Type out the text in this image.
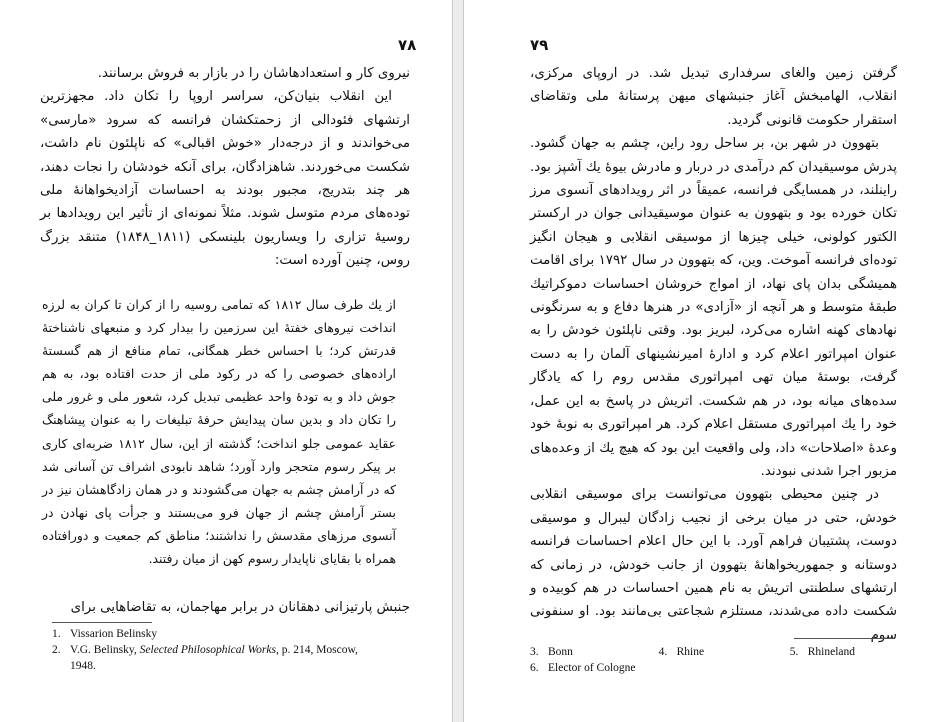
۷۸

نیروی کار و استعدادهاشان را در بازار به فروش برسانند.

این انقلاب بنیان‌کن، سراسر اروپا را تکان داد. مجهزترین ارتشهای فئودالی از زحمتکشان فرانسه که سرود «مارسی» می‌خواندند و از درجه‌دار «خوش اقبالی» که ناپلئون نام داشت، شکست می‌خوردند. شاهزادگان، برای آنکه خودشان را نجات دهند، هر چند بتدریج، مجبور بودند به احساسات آزادیخواهانهٔ ملی توده‌های مردم متوسل شوند. مثلاً نمونه‌ای از تأثیر این رویدادها بر روسیهٔ تزاری را ویساریون بلینسکی (۱۸۱۱_۱۸۴۸) متنقد بزرگ روس، چنین آورده است:

از یك طرف سال ۱۸۱۲ که تمامی روسیه را از کران تا کران به لرزه انداخت نیروهای خفتهٔ این سرزمین را بیدار کرد و منبعهای ناشناختهٔ قدرتش کرد؛ با احساس خطر همگانی، تمام منافع از هم گسستهٔ اراده‌های خصوصی را که در رکود ملی از حدت افتاده بود، به هم جوش داد و به تودهٔ واحد عظیمی تبدیل کرد، شعور ملی و غرور ملی را تکان داد و بدین سان پیدایش حرفهٔ تبلیغات را به عنوان پیشاهنگ عقاید عمومی جلو انداخت؛ گذشته از این، سال ۱۸۱۲ ضربه‌ای کاری بر پیکر رسوم متحجر وارد آورد؛ شاهد نابودی اشراف تن آسانی شد که در آرامش چشم به جهان می‌گشودند و در همان زادگاهشان نیز در بستر آرامش چشم از جهان فرو می‌بستند و جرأت پای نهادن در آنسوی مرزهای مقدسش را نداشتند؛ مناطق کم جمعیت و دورافتاده همراه با بقایای ناپایدار رسوم کهن از میان رفتند.

جنبش پارتیزانی دهقانان در برابر مهاجمان، به تقاضاهایی برای

1. Vissarion Belinsky

2. V.G. Belinsky, Selected Philosophical Works, p. 214, Moscow,
1948.

۷۹

گرفتن زمین والغای سرفداری تبدیل شد. در اروپای مرکزی، انقلاب، الهامبخش آغاز جنبشهای میهن پرستانهٔ ملی وتقاضای استقرار حکومت قانونی گردید.

بتهوون در شهر بن، بر ساحل رود راین، چشم به جهان گشود. پدرش موسیقیدان کم درآمدی در دربار و مادرش بیوهٔ یك آشپز بود. راینلند، در همسایگی فرانسه، عمیقاً در اثر رویدادهای آنسوی مرز تکان خورده بود و بتهوون به عنوان موسیقیدانی جوان در ارکستر الکتور کولونی، خیلی چیزها از موسیقی انقلابی و هیجان انگیز توده‌ای فرانسه آموخت. وین، که بتهوون در سال ۱۷۹۲ برای اقامت همیشگی بدان پای نهاد، از امواج خروشان احساسات دموکراتیك طبقهٔ متوسط و هر آنچه از «آزادی» در هنرها دفاع و به سرنگونی نهادهای کهنه اشاره می‌کرد، لبریز بود. وقتی ناپلئون خودش را به عنوان امپراتور اعلام کرد و ادارهٔ امیرنشینهای آلمان را به دست گرفت، بوستهٔ میان تهی امپراتوری مقدس روم را که یادگار سده‌های میانه بود، در هم شکست. اتریش در پاسخ به این عمل، خود را یك امپراتوری مستقل اعلام کرد. هر امپراتوری به نوبهٔ خود وعدهٔ «اصلاحات» داد، ولی واقعیت این بود که هیچ یك از وعده‌های مزبور اجرا شدنی نبودند.

در چنین محیطی بتهوون می‌توانست برای موسیقی انقلابی خودش، حتی در میان برخی از نجیب زادگان لیبرال و موسیقی دوست، پشتیبان فراهم آورد. با این حال اعلام احساسات فرانسه دوستانه و جمهوریخواهانهٔ بتهوون از جانب خودش، در زمانی که ارتشهای سلطنتی اتریش به نام همین احساسات در هم کوبیده و شکست داده می‌شدند، مستلزم شجاعتی بی‌مانند بود. او سنفونی سوم

3. Bonn	4. Rhine	5. Rhineland

6. Elector of Cologne
